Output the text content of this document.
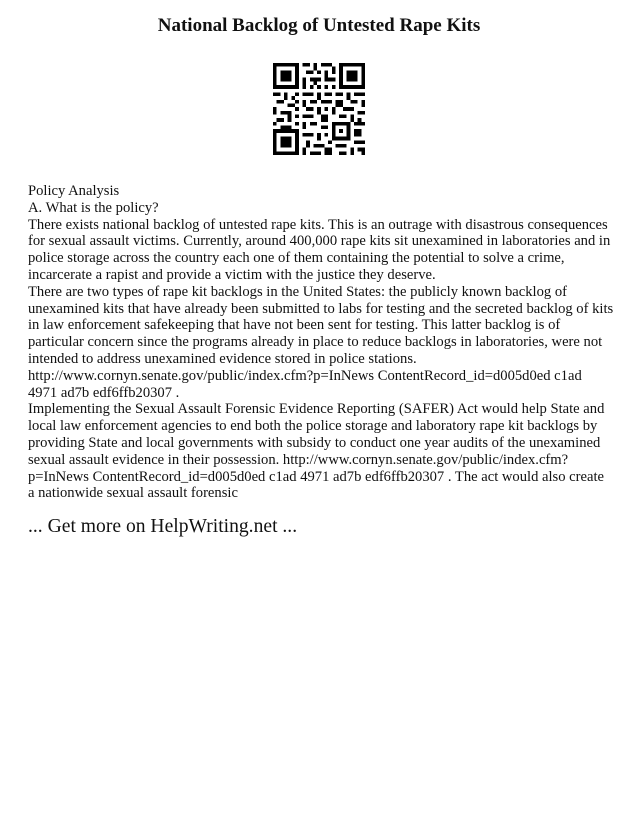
National Backlog of Untested Rape Kits

Policy Analysis

A. What is the policy?

There exists national backlog of untested rape kits. This is an outrage with disastrous consequences for sexual assault victims. Currently, around 400,000 rape kits sit unexamined in laboratories and in police storage across the country each one of them containing the potential to solve a crime, incarcerate a rapist and provide a victim with the justice they deserve.

There are two types of rape kit backlogs in the United States: the publicly known backlog of unexamined kits that have already been submitted to labs for testing and the secreted backlog of kits in law enforcement safekeeping that have not been sent for testing. This latter backlog is of particular concern since the programs already in place to reduce backlogs in laboratories, were not intended to address unexamined evidence stored in police stations.

http://www.cornyn.senate.gov/public/index.cfm?p=InNews ContentRecord_id=d005d0ed c1ad 4971 ad7b edf6ffb20307 .

Implementing the Sexual Assault Forensic Evidence Reporting (SAFER) Act would help State and local law enforcement agencies to end both the police storage and laboratory rape kit backlogs by providing State and local governments with subsidy to conduct one year audits of the unexamined sexual assault evidence in their possession. http://www.cornyn.senate.gov/public/index.cfm?p=InNews ContentRecord_id=d005d0ed c1ad 4971 ad7b edf6ffb20307 . The act would also create a nationwide sexual assault forensic

... Get more on HelpWriting.net ...
